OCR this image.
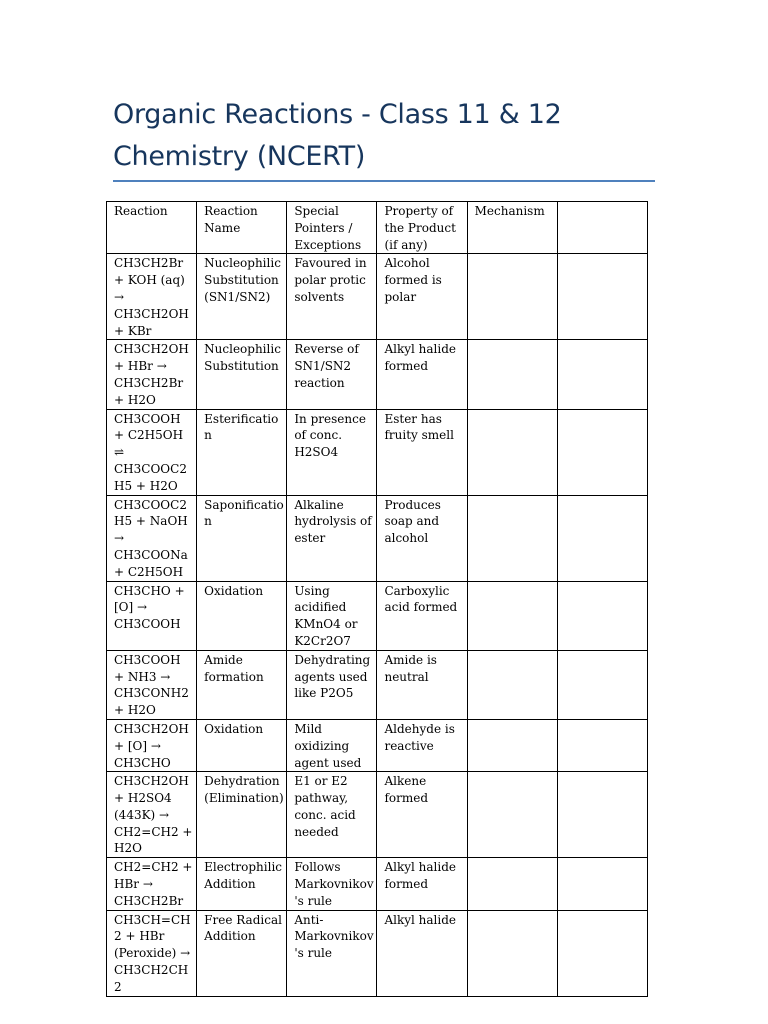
Organic Reactions - Class 11 & 12 Chemistry (NCERT)
Reaction	Reaction Name	Special Pointers / Exceptions	Property of the Product (if any)	Mechanism	
CH3CH2Br + KOH (aq) → CH3CH2OH + KBr	Nucleophilic Substitution (SN1/SN2)	Favoured in polar protic solvents	Alcohol formed is polar		
CH3CH2OH + HBr → CH3CH2Br + H2O	Nucleophilic Substitution	Reverse of SN1/SN2 reaction	Alkyl halide formed		
CH3COOH + C2H5OH ⇌ CH3COOC2H5 + H2O	Esterification	In presence of conc. H2SO4	Ester has fruity smell		
CH3COOC2H5 + NaOH → CH3COONa + C2H5OH	Saponification	Alkaline hydrolysis of ester	Produces soap and alcohol		
CH3CHO + [O] → CH3COOH	Oxidation	Using acidified KMnO4 or K2Cr2O7	Carboxylic acid formed		
CH3COOH + NH3 → CH3CONH2 + H2O	Amide formation	Dehydrating agents used like P2O5	Amide is neutral		
CH3CH2OH + [O] → CH3CHO	Oxidation	Mild oxidizing agent used	Aldehyde is reactive		
CH3CH2OH + H2SO4 (443K) → CH2=CH2 + H2O	Dehydration (Elimination)	E1 or E2 pathway, conc. acid needed	Alkene formed		
CH2=CH2 + HBr → CH3CH2Br	Electrophilic Addition	Follows Markovnikov's rule	Alkyl halide formed		
CH3CH=CH2 + HBr (Peroxide) → CH3CH2CH2	Free Radical Addition	Anti-Markovnikov's rule	Alkyl halide		
